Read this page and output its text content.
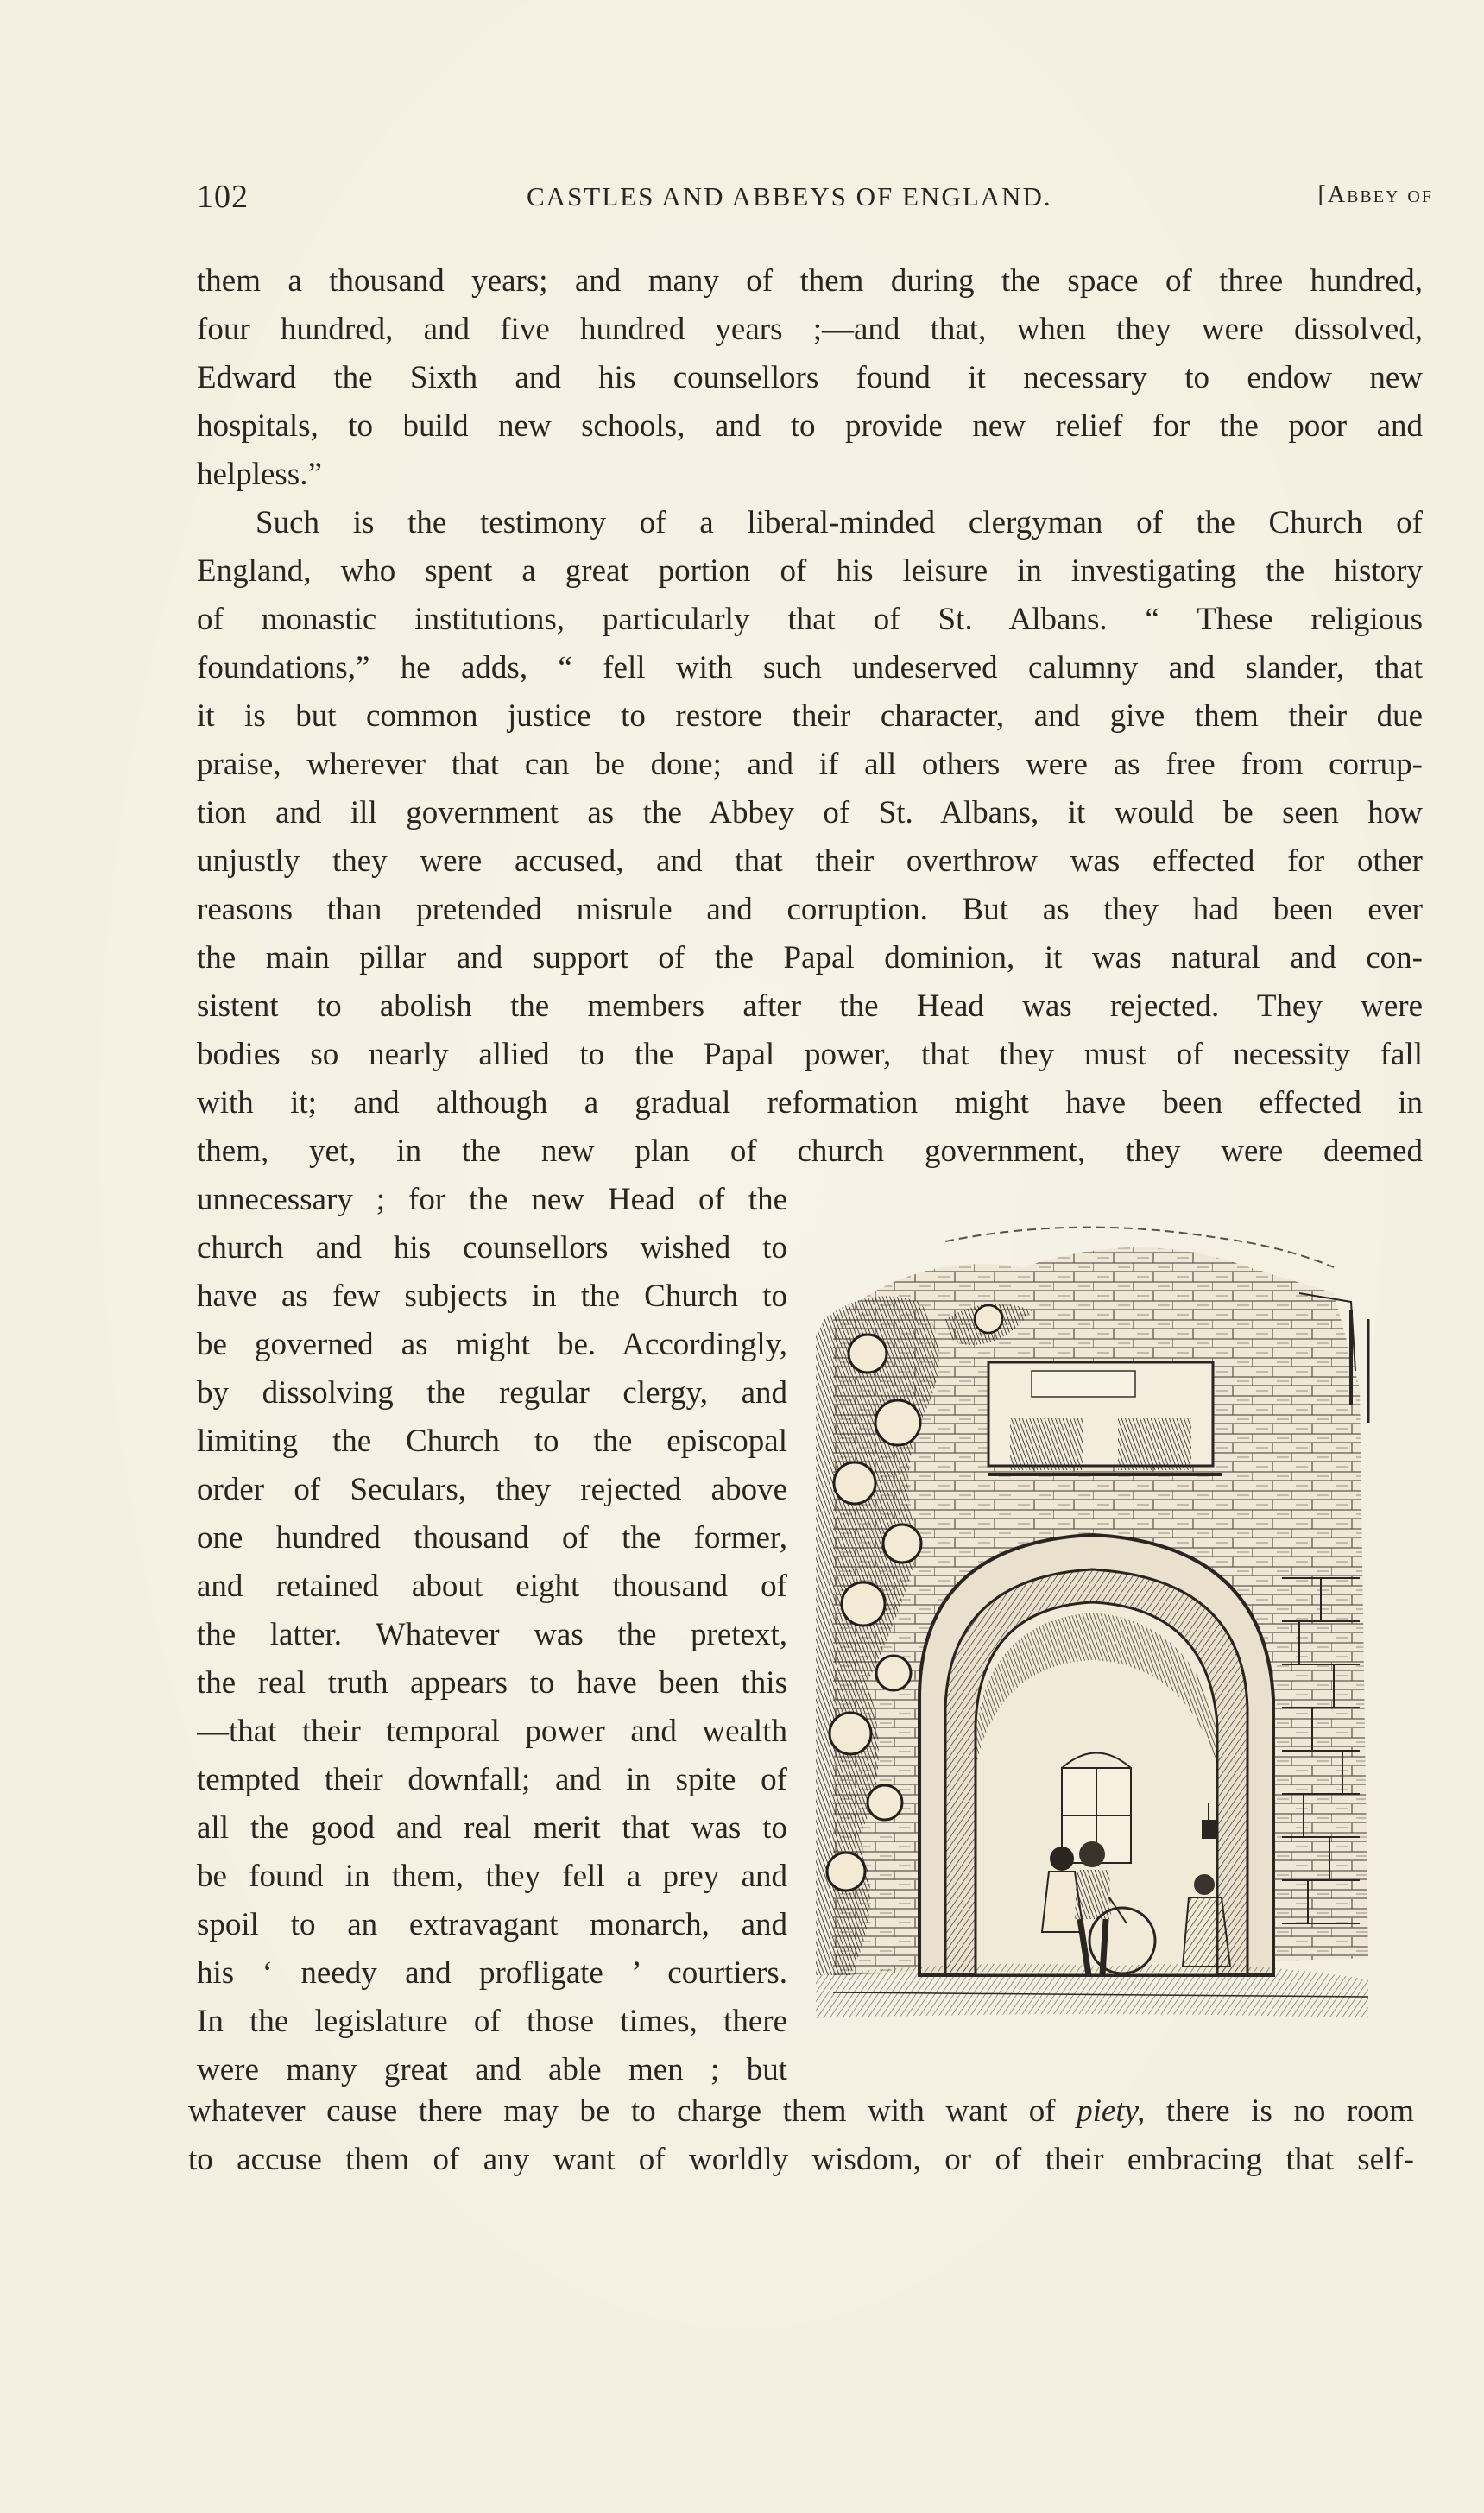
102	CASTLES AND ABBEYS OF ENGLAND.	[Abbey of
them a thousand years; and many of them during the space of three hundred,
four hundred, and five hundred years ;—and that, when they were dissolved,
Edward the Sixth and his counsellors found it necessary to endow new
hospitals, to build new schools, and to provide new relief for the poor and
helpless.”
Such is the testimony of a liberal-minded clergyman of the Church of
England, who spent a great portion of his leisure in investigating the history
of monastic institutions, particularly that of St. Albans. “ These religious
foundations,” he adds, “ fell with such undeserved calumny and slander, that
it is but common justice to restore their character, and give them their due
praise, wherever that can be done; and if all others were as free from corrup-
tion and ill government as the Abbey of St. Albans, it would be seen how
unjustly they were accused, and that their overthrow was effected for other
reasons than pretended misrule and corruption. But as they had been ever
the main pillar and support of the Papal dominion, it was natural and con-
sistent to abolish the members after the Head was rejected. They were
bodies so nearly allied to the Papal power, that they must of necessity fall
with it; and although a gradual reformation might have been effected in
them, yet, in the new plan of church government, they were deemed
unnecessary ; for the new Head of the
church and his counsellors wished to
have as few subjects in the Church to
be governed as might be. Accordingly,
by dissolving the regular clergy, and
limiting the Church to the episcopal
order of Seculars, they rejected above
one hundred thousand of the former,
and retained about eight thousand of
the latter. Whatever was the pretext,
the real truth appears to have been this
—that their temporal power and wealth
tempted their downfall; and in spite of
all the good and real merit that was to
be found in them, they fell a prey and
spoil to an extravagant monarch, and
his ‘ needy and profligate ’ courtiers.
In the legislature of those times, there
were many great and able men ; but
whatever cause there may be to charge them with want of piety, there is no room
to accuse them of any want of worldly wisdom, or of their embracing that self-
